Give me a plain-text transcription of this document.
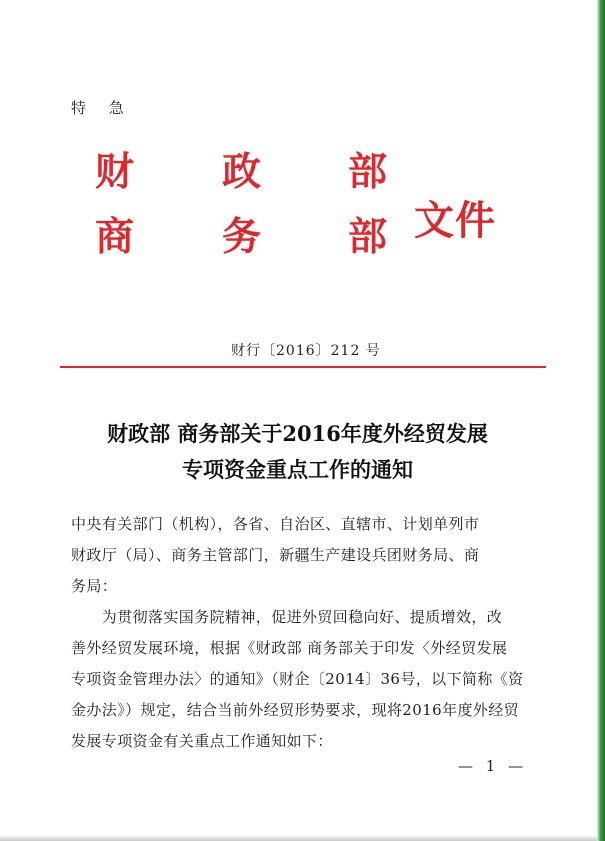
特 急
财 政 部
商 务 部 文件
财行〔2016〕212 号
财政部 商务部关于2016年度外经贸发展
专项资金重点工作的通知

中央有关部门（机构），各省、自治区、直辖市、计划单列市
财政厅（局）、商务主管部门，新疆生产建设兵团财务局、商
务局：

　　为贯彻落实国务院精神，促进外贸回稳向好、提质增效，改
善外经贸发展环境，根据《财政部 商务部关于印发〈外经贸发展
专项资金管理办法〉的通知》（财企〔2014〕36号，以下简称《资
金办法》）规定，结合当前外经贸形势要求，现将2016年度外经贸
发展专项资金有关重点工作通知如下：

— 1 —
